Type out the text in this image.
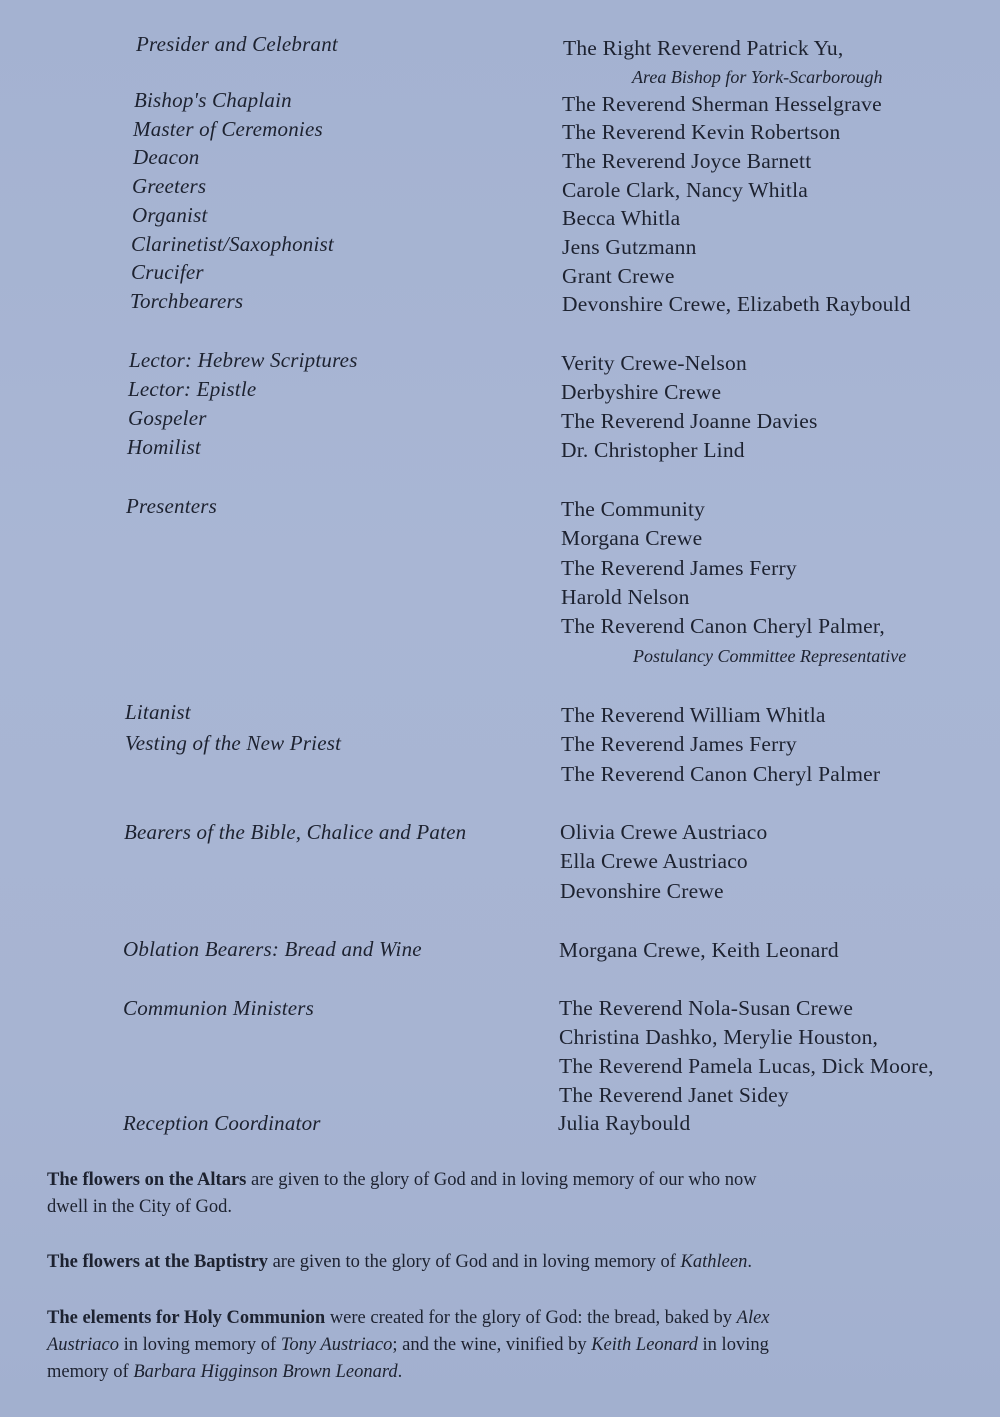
Presider and Celebrant
Bishop's Chaplain
Master of Ceremonies
Deacon
Greeters
Organist
Clarinetist/Saxophonist
Crucifer
Torchbearers
Lector: Hebrew Scriptures
Lector: Epistle
Gospeler
Homilist
Presenters
Litanist
Vesting of the New Priest
Bearers of the Bible, Chalice and Paten
Oblation Bearers: Bread and Wine
Communion Ministers
Reception Coordinator
The Right Reverend Patrick Yu,
Area Bishop for York-Scarborough
The Reverend Sherman Hesselgrave
The Reverend Kevin Robertson
The Reverend Joyce Barnett
Carole Clark, Nancy Whitla
Becca Whitla
Jens Gutzmann
Grant Crewe
Devonshire Crewe, Elizabeth Raybould
Verity Crewe-Nelson
Derbyshire Crewe
The Reverend Joanne Davies
Dr. Christopher Lind
The Community
Morgana Crewe
The Reverend James Ferry
Harold Nelson
The Reverend Canon Cheryl Palmer,
Postulancy Committee Representative
The Reverend William Whitla
The Reverend James Ferry
The Reverend Canon Cheryl Palmer
Olivia Crewe Austriaco
Ella Crewe Austriaco
Devonshire Crewe
Morgana Crewe, Keith Leonard
The Reverend Nola-Susan Crewe
Christina Dashko, Merylie Houston,
The Reverend Pamela Lucas, Dick Moore,
The Reverend Janet Sidey
Julia Raybould
The flowers on the Altars are given to the glory of God and in loving memory of our who now
dwell in the City of God.
The flowers at the Baptistry are given to the glory of God and in loving memory of Kathleen.
The elements for Holy Communion were created for the glory of God: the bread, baked by Alex
Austriaco in loving memory of Tony Austriaco; and the wine, vinified by Keith Leonard in loving
memory of Barbara Higginson Brown Leonard.
